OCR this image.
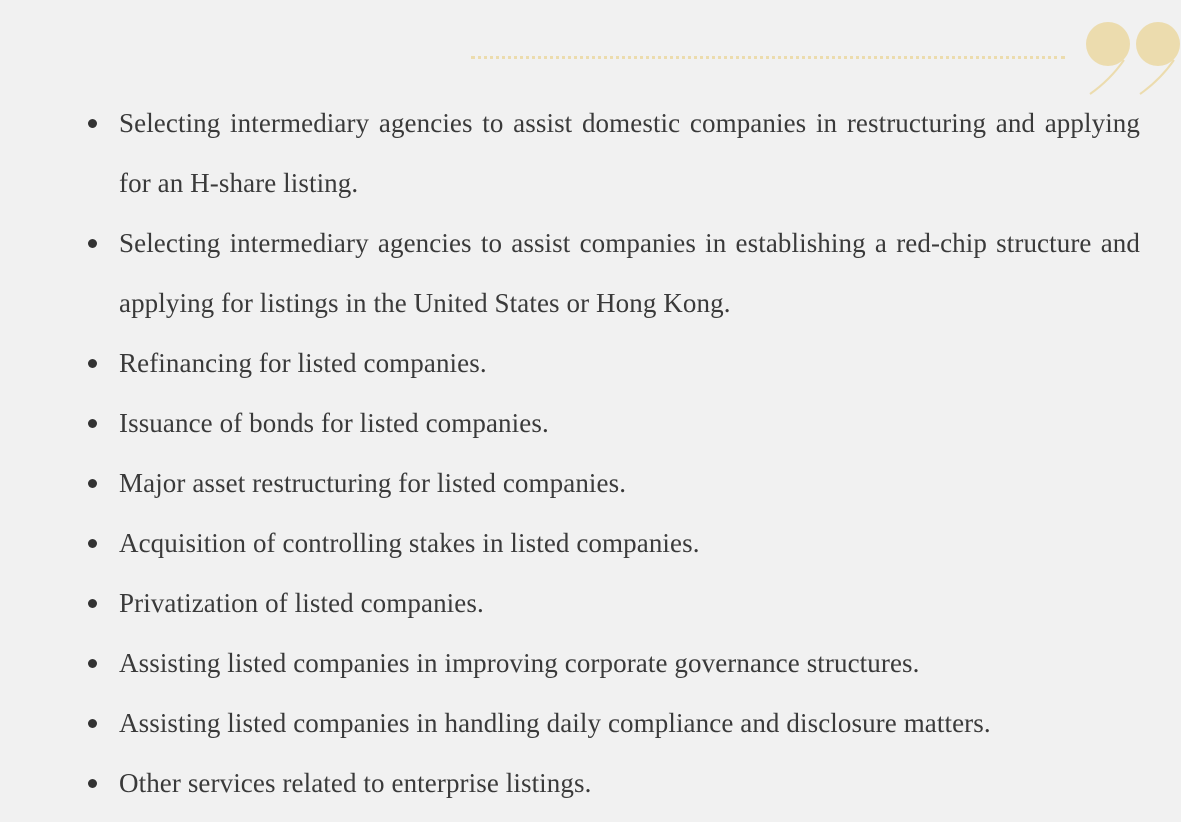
Selecting intermediary agencies to assist domestic companies in restructuring and applying for an H-share listing.
Selecting intermediary agencies to assist companies in establishing a red-chip structure and applying for listings in the United States or Hong Kong.
Refinancing for listed companies.
Issuance of bonds for listed companies.
Major asset restructuring for listed companies.
Acquisition of controlling stakes in listed companies.
Privatization of listed companies.
Assisting listed companies in improving corporate governance structures.
Assisting listed companies in handling daily compliance and disclosure matters.
Other services related to enterprise listings.
